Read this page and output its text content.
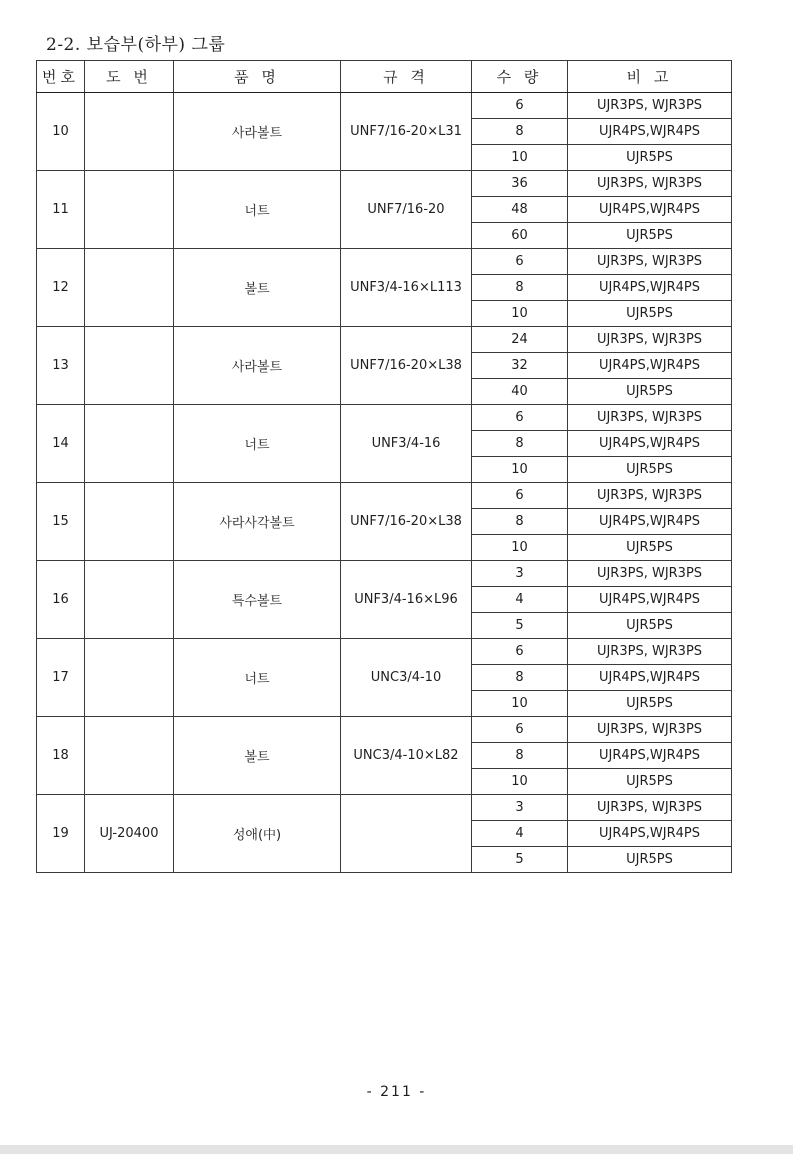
2-2. 보습부(하부) 그룹
번호	도 번	품 명	규 격	수 량	비 고
10		사라볼트	UNF7/16-20×L31	6	UJR3PS, WJR3PS
				8	UJR4PS,WJR4PS
				10	UJR5PS
11		너트	UNF7/16-20	36	UJR3PS, WJR3PS
				48	UJR4PS,WJR4PS
				60	UJR5PS
12		볼트	UNF3/4-16×L113	6	UJR3PS, WJR3PS
				8	UJR4PS,WJR4PS
				10	UJR5PS
13		사라볼트	UNF7/16-20×L38	24	UJR3PS, WJR3PS
				32	UJR4PS,WJR4PS
				40	UJR5PS
14		너트	UNF3/4-16	6	UJR3PS, WJR3PS
				8	UJR4PS,WJR4PS
				10	UJR5PS
15		사라사각볼트	UNF7/16-20×L38	6	UJR3PS, WJR3PS
				8	UJR4PS,WJR4PS
				10	UJR5PS
16		특수볼트	UNF3/4-16×L96	3	UJR3PS, WJR3PS
				4	UJR4PS,WJR4PS
				5	UJR5PS
17		너트	UNC3/4-10	6	UJR3PS, WJR3PS
				8	UJR4PS,WJR4PS
				10	UJR5PS
18		볼트	UNC3/4-10×L82	6	UJR3PS, WJR3PS
				8	UJR4PS,WJR4PS
				10	UJR5PS
19	UJ-20400	성애(中)		3	UJR3PS, WJR3PS
				4	UJR4PS,WJR4PS
				5	UJR5PS
- 211 -
